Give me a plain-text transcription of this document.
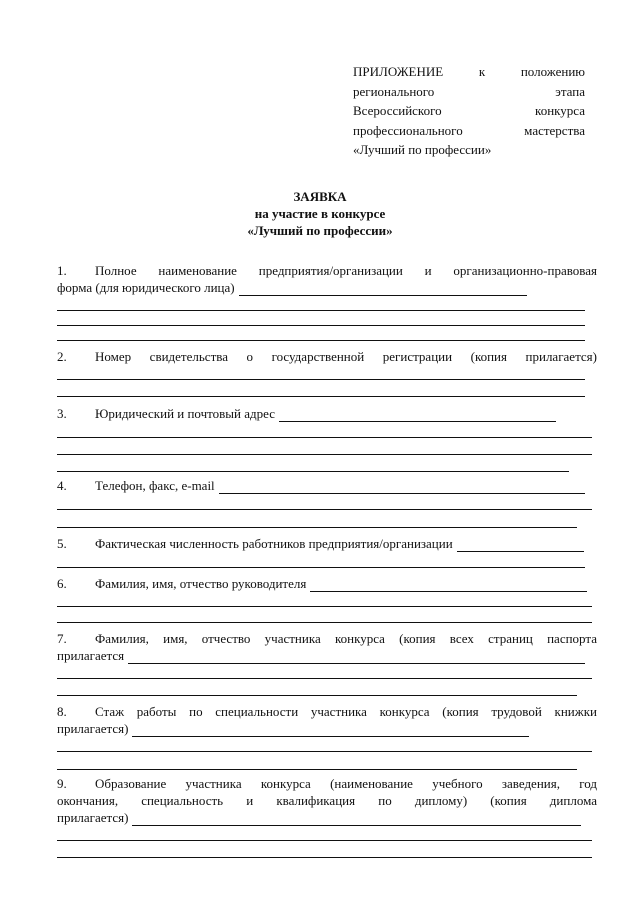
ПРИЛОЖЕНИЕ к положению

регионального этапа

Всероссийского конкурса

профессионального мастерства

«Лучший по профессии»

ЗАЯВКА
на участие в конкурсе
«Лучший по профессии»
1. Полное наименование предприятия/организации и организационно-правовая
форма (для юридического лица)
2. Номер свидетельства о государственной регистрации (копия прилагается)
3.	Юридический и почтовый адрес
4.	Телефон, факс, e-mail
5.	Фактическая численность работников предприятия/организации
6.	Фамилия, имя, отчество руководителя
7. Фамилия, имя, отчество участника конкурса (копия всех страниц паспорта
прилагается
8. Стаж работы по специальности участника конкурса (копия трудовой книжки
прилагается)
9. Образование участника конкурса (наименование учебного заведения, год
окончания, специальность и квалификация по диплому) (копия диплома
прилагается)
